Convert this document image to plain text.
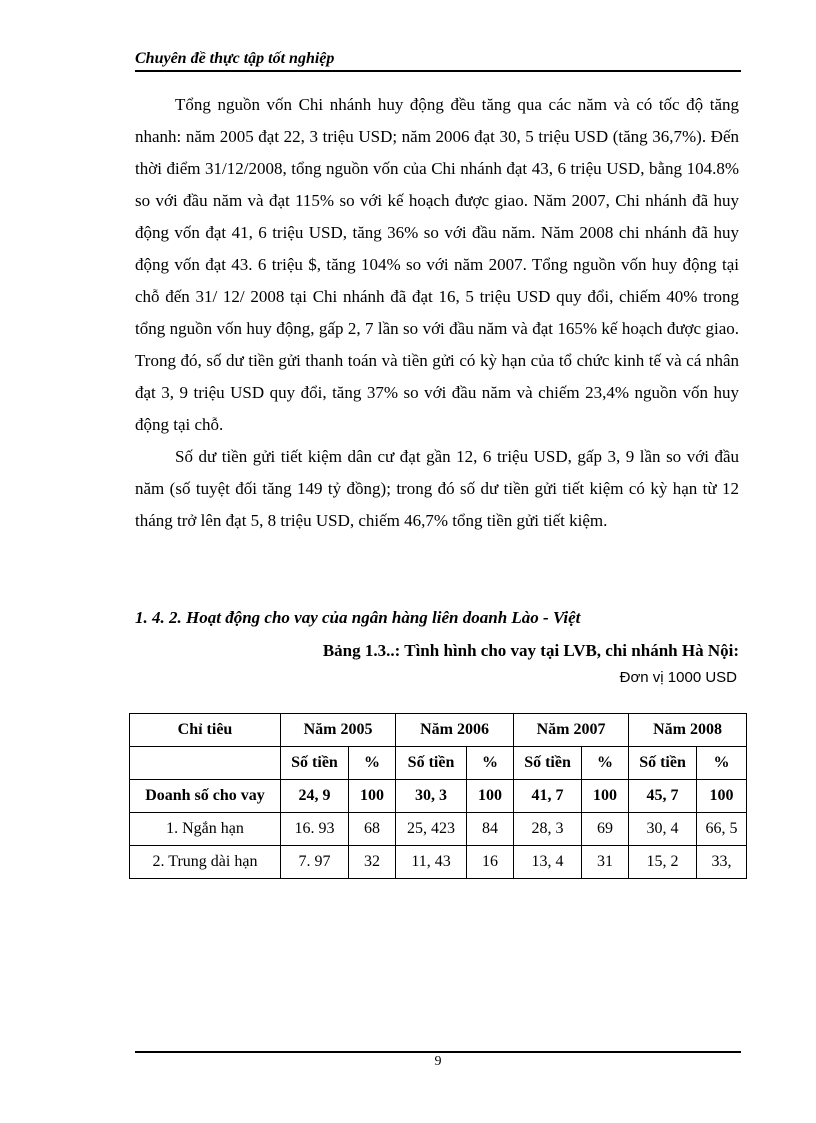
Chuyên đề thực tập tốt nghiệp

Tổng nguồn vốn Chi nhánh huy động đều tăng qua các năm và có tốc độ tăng nhanh: năm 2005 đạt 22, 3 triệu USD; năm 2006 đạt 30, 5 triệu USD (tăng 36,7%). Đến thời điểm 31/12/2008, tổng nguồn vốn của Chi nhánh đạt 43, 6 triệu USD, bằng 104.8% so với đầu năm và đạt 115% so với kế hoạch được giao. Năm 2007, Chi nhánh đã huy động vốn đạt 41, 6 triệu USD, tăng 36% so với đầu năm. Năm 2008 chi nhánh đã huy động vốn đạt 43. 6 triệu $, tăng 104% so với năm 2007. Tổng nguồn vốn huy động tại chỗ đến 31/ 12/ 2008 tại Chi nhánh đã đạt 16, 5 triệu USD quy đổi, chiếm 40% trong tổng nguồn vốn huy động, gấp 2, 7 lần so với đầu năm và đạt 165% kế hoạch được giao. Trong đó, số dư tiền gửi thanh toán và tiền gửi có kỳ hạn của tổ chức kinh tế và cá nhân đạt 3, 9 triệu USD quy đổi, tăng 37% so với đầu năm và chiếm 23,4% nguồn vốn huy động tại chỗ.

Số dư tiền gửi tiết kiệm dân cư đạt gần 12, 6 triệu USD, gấp 3, 9 lần so với đầu năm (số tuyệt đối tăng 149 tỷ đồng); trong đó số dư tiền gửi tiết kiệm có kỳ hạn từ 12 tháng trở lên đạt 5, 8 triệu USD, chiếm 46,7% tổng tiền gửi tiết kiệm.

1. 4. 2. Hoạt động cho vay của ngân hàng liên doanh Lào - Việt
Bảng 1.3..: Tình hình cho vay tại LVB, chi nhánh Hà Nội:
Đơn vị 1000 USD
Chỉ tiêu	Năm 2005		Năm 2006		Năm 2007		Năm 2008	
	Số tiền	%	Số tiền	%	Số tiền	%	Số tiền	%
Doanh số cho vay	24, 9	100	30, 3	100	41, 7	100	45, 7	100
1. Ngắn hạn	16. 93	68	25, 423	84	28, 3	69	30, 4	66, 5
2. Trung dài hạn	7. 97	32	11, 43	16	13, 4	31	15, 2	33,
9
